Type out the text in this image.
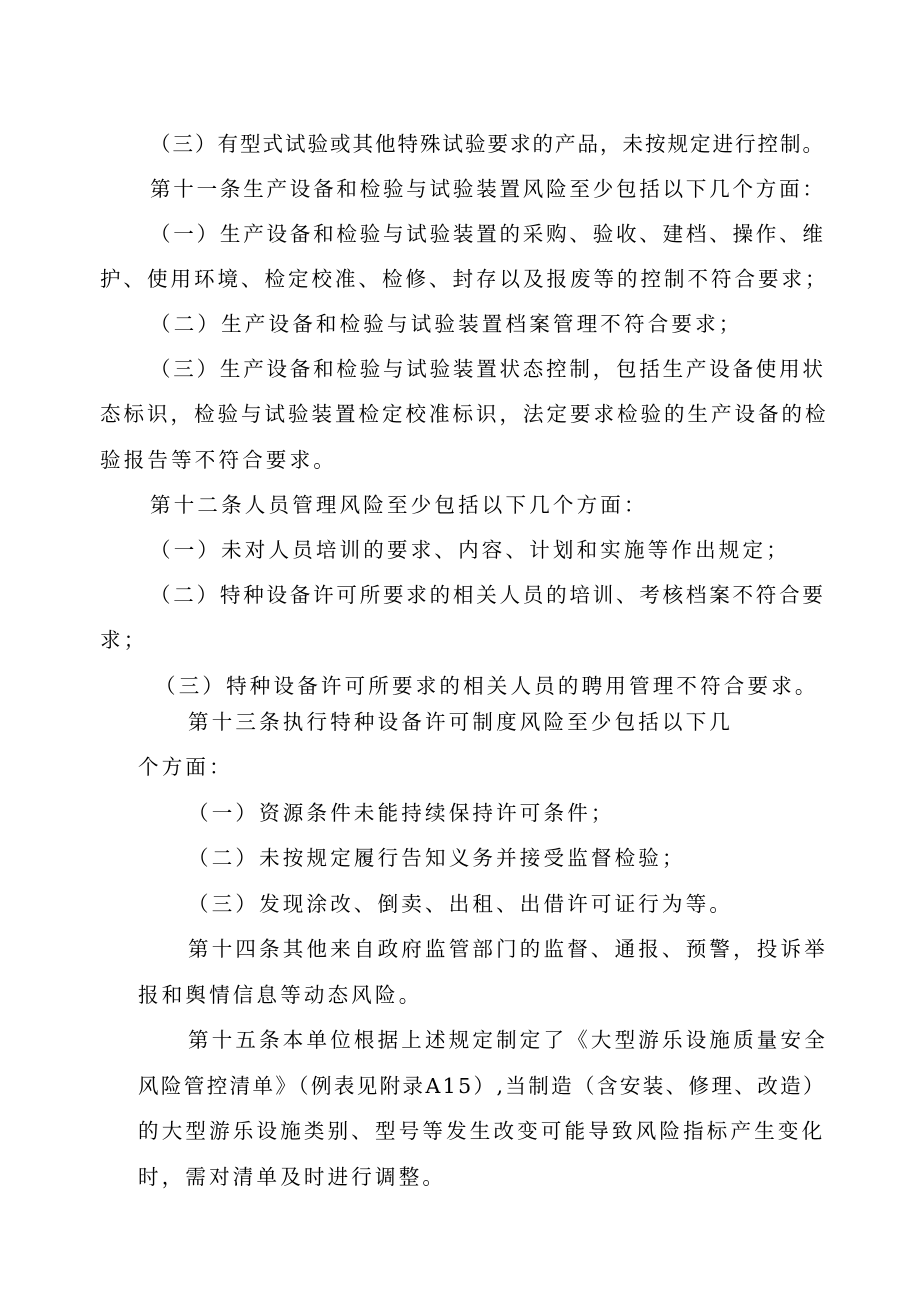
（三）有型式试验或其他特殊试验要求的产品，未按规定进行控制。
第十一条生产设备和检验与试验装置风险至少包括以下几个方面：
（一）生产设备和检验与试验装置的采购、验收、建档、操作、维
护、使用环境、检定校准、检修、封存以及报废等的控制不符合要求；
（二）生产设备和检验与试验装置档案管理不符合要求；
（三）生产设备和检验与试验装置状态控制，包括生产设备使用状
态标识，检验与试验装置检定校准标识，法定要求检验的生产设备的检
验报告等不符合要求。
第十二条人员管理风险至少包括以下几个方面：
（一）未对人员培训的要求、内容、计划和实施等作出规定；
（二）特种设备许可所要求的相关人员的培训、考核档案不符合要
求；
（三）特种设备许可所要求的相关人员的聘用管理不符合要求。
第十三条执行特种设备许可制度风险至少包括以下几
个方面：
（一）资源条件未能持续保持许可条件；
（二）未按规定履行告知义务并接受监督检验；
（三）发现涂改、倒卖、出租、出借许可证行为等。
第十四条其他来自政府监管部门的监督、通报、预警，投诉举
报和舆情信息等动态风险。
第十五条本单位根据上述规定制定了《大型游乐设施质量安全
风险管控清单》（例表见附录A15）,当制造（含安装、修理、改造）
的大型游乐设施类别、型号等发生改变可能导致风险指标产生变化
时，需对清单及时进行调整。
